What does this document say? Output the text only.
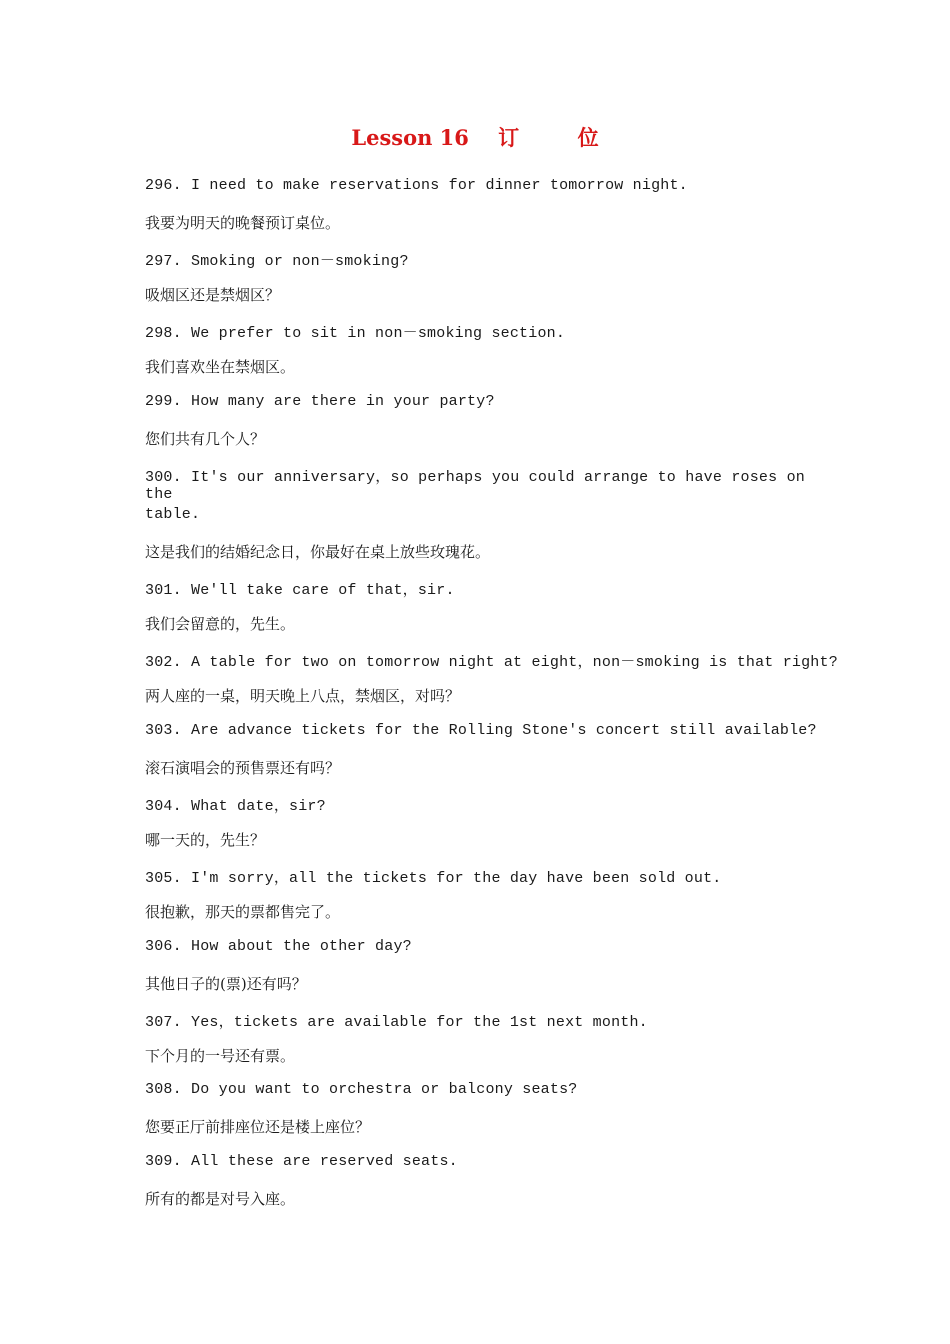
Lesson 16 订	位
296. I need to make reservations for dinner tomorrow night.
我要为明天的晚餐预订桌位。
297. Smoking or non－smoking?
吸烟区还是禁烟区？
298. We prefer to sit in non－smoking section.
我们喜欢坐在禁烟区。
299. How many are there in your party?
您们共有几个人？
300. It's our anniversary，so perhaps you could arrange to have roses on the
table.
这是我们的结婚纪念日，你最好在桌上放些玫瑰花。
301. We'll take care of that，sir.
我们会留意的，先生。
302. A table for two on tomorrow night at eight，non－smoking is that right?
两人座的一桌，明天晚上八点，禁烟区，对吗？
303. Are advance tickets for the Rolling Stone's concert still available?
滚石演唱会的预售票还有吗？
304. What date，sir?
哪一天的，先生？
305. I'm sorry，all the tickets for the day have been sold out.
很抱歉，那天的票都售完了。
306. How about the other day?
其他日子的(票)还有吗？
307. Yes，tickets are available for the 1st next month.
下个月的一号还有票。
308. Do you want to orchestra or balcony seats?
您要正厅前排座位还是楼上座位？
309. All these are reserved seats.
所有的都是对号入座。
